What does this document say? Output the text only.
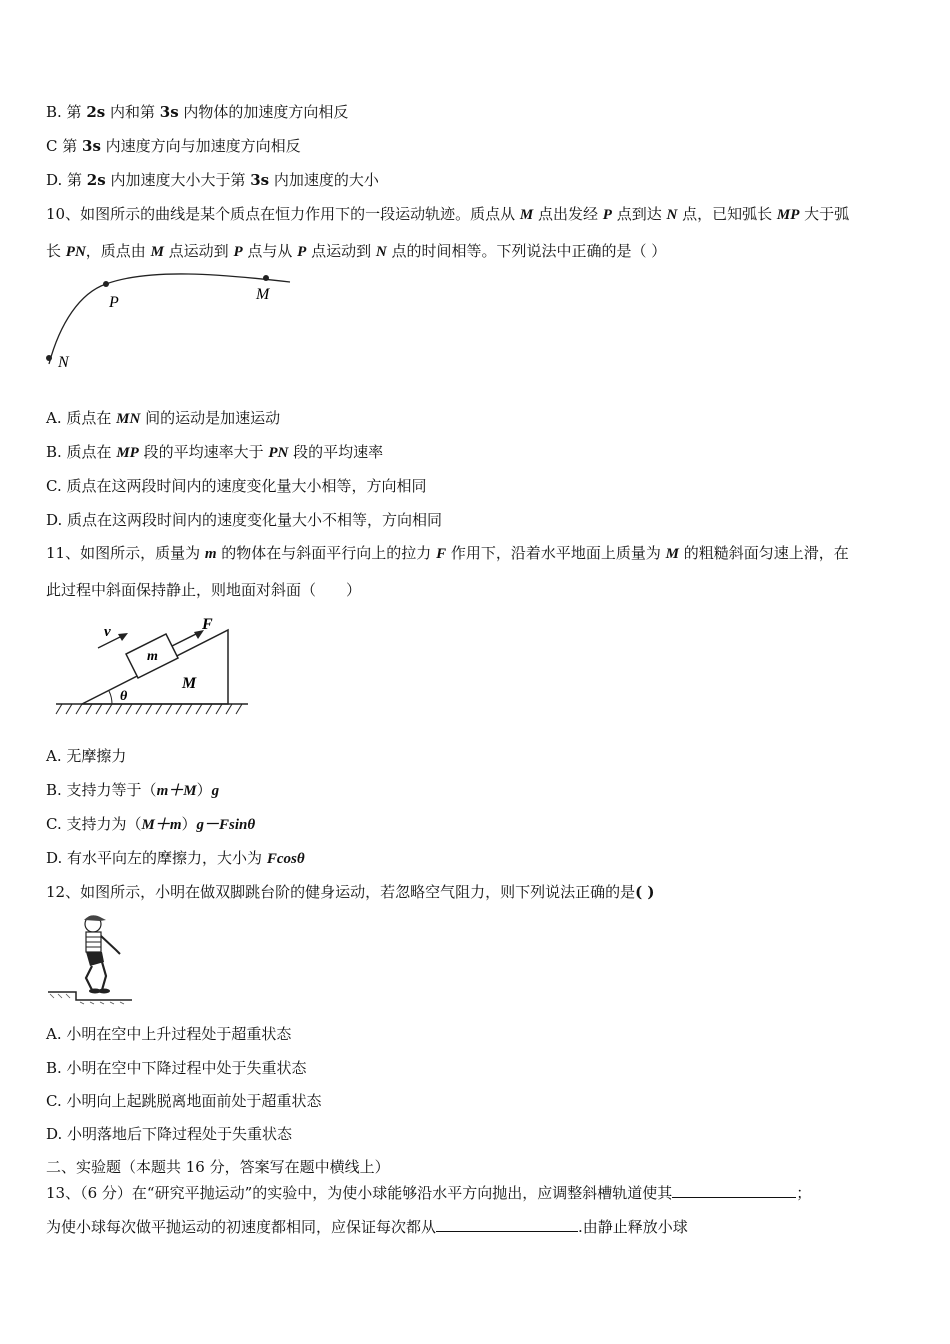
B. 第 2s 内和第 3s 内物体的加速度方向相反
C 第 3s 内速度方向与加速度方向相反
D. 第 2s 内加速度大小大于第 3s 内加速度的大小
10、如图所示的曲线是某个质点在恒力作用下的一段运动轨迹。质点从 M 点出发经 P 点到达 N 点，已知弧长 MP 大于弧
长 PN，质点由 M 点运动到 P 点与从 P 点运动到 N 点的时间相等。下列说法中正确的是（ ）
P	M
N
A. 质点在 MN 间的运动是加速运动
B. 质点在 MP 段的平均速率大于 PN 段的平均速率
C. 质点在这两段时间内的速度变化量大小相等，方向相同
D. 质点在这两段时间内的速度变化量大小不相等，方向相同
11、如图所示，质量为 m 的物体在与斜面平行向上的拉力 F 作用下，沿着水平地面上质量为 M 的粗糙斜面匀速上滑，在
此过程中斜面保持静止，则地面对斜面（　　）
v	F
m
M
θ
A. 无摩擦力
B. 支持力等于（m＋M）g
C. 支持力为（M＋m）g－Fsinθ
D. 有水平向左的摩擦力，大小为 Fcosθ
12、如图所示，小明在做双脚跳台阶的健身运动，若忽略空气阻力，则下列说法正确的是( )
A. 小明在空中上升过程处于超重状态
B. 小明在空中下降过程中处于失重状态
C. 小明向上起跳脱离地面前处于超重状态
D. 小明落地后下降过程处于失重状态
二、实验题（本题共 16 分，答案写在题中横线上）
13、（6 分）在“研究平抛运动”的实验中，为使小球能够沿水平方向抛出，应调整斜槽轨道使其	；
为使小球每次做平抛运动的初速度都相同，应保证每次都从	.由静止释放小球
